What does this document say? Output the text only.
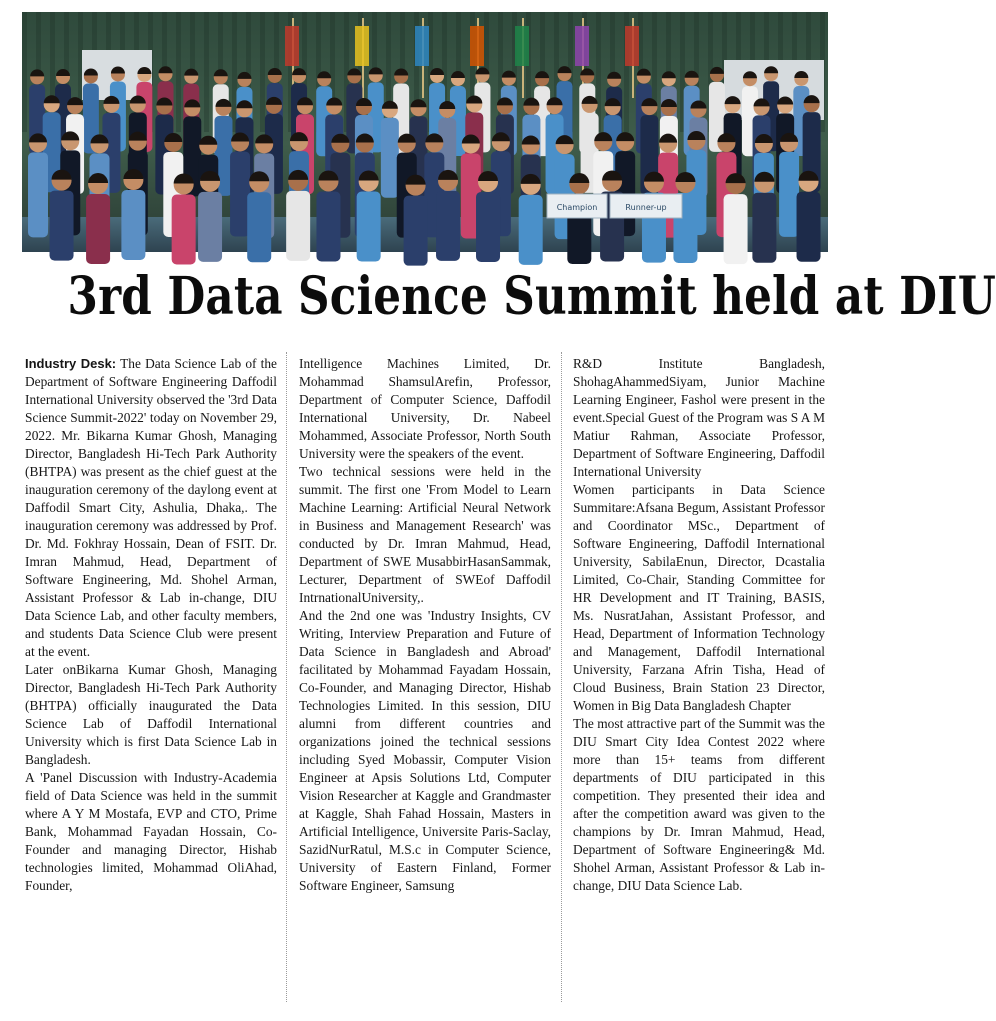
Champion	Runner-up
3rd Data Science Summit held at DIU

Industry Desk: The Data Science Lab of the Department of Software Engineering Daffodil International University observed the '3rd Data Science Summit-2022' today on November 29, 2022. Mr. Bikarna Kumar Ghosh, Managing Director, Bangladesh Hi-Tech Park Authority (BHTPA) was present as the chief guest at the inauguration ceremony of the daylong event at Daffodil Smart City, Ashulia, Dhaka,. The inauguration ceremony was addressed by Prof. Dr. Md. Fokhray Hossain, Dean of FSIT. Dr. Imran Mahmud, Head, Department of Software Engineering, Md. Shohel Arman, Assistant Professor & Lab in-change, DIU Data Science Lab, and other faculty members, and students Data Science Club were present at the event.

Later onBikarna Kumar Ghosh, Managing Director, Bangladesh Hi-Tech Park Authority (BHTPA) officially inaugurated the Data Science Lab of Daffodil International University which is first Data Science Lab in Bangladesh.

A 'Panel Discussion with Industry-Academia field of Data Science was held in the summit where A Y M Mostafa, EVP and CTO, Prime Bank, Mohammad Fayadan Hossain, Co-Founder and managing Director, Hishab technologies limited, Mohammad OliAhad, Founder,

Intelligence Machines Limited, Dr. Mohammad ShamsulArefin, Professor, Department of Computer Science, Daffodil International University, Dr. Nabeel Mohammed, Associate Professor, North South University were the speakers of the event.

Two technical sessions were held in the summit. The first one 'From Model to Learn Machine Learning: Artificial Neural Network in Business and Management Research' was conducted by Dr. Imran Mahmud, Head, Department of SWE MusabbirHasanSammak, Lecturer, Department of SWEof Daffodil IntrnationalUniversity,.

And the 2nd one was 'Industry Insights, CV Writing, Interview Preparation and Future of Data Science in Bangladesh and Abroad' facilitated by Mohammad Fayadam Hossain, Co-Founder, and Managing Director, Hishab Technologies Limited. In this session, DIU alumni from different countries and organizations joined the technical sessions including Syed Mobassir, Computer Vision Engineer at Apsis Solutions Ltd, Computer Vision Researcher at Kaggle and Grandmaster at Kaggle, Shah Fahad Hossain, Masters in Artificial Intelligence, Universite Paris-Saclay, SazidNurRatul, M.S.c in Computer Science, University of Eastern Finland, Former Software Engineer, Samsung

R&D Institute Bangladesh, ShohagAhammedSiyam, Junior Machine Learning Engineer, Fashol were present in the event.Special Guest of the Program was S A M Matiur Rahman, Associate Professor, Department of Software Engineering, Daffodil International University

Women participants in Data Science Summitare:Afsana Begum, Assistant Professor and Coordinator MSc., Department of Software Engineering, Daffodil International University, SabilaEnun, Director, Dcastalia Limited, Co-Chair, Standing Committee for HR Development and IT Training, BASIS, Ms. NusratJahan, Assistant Professor, and Head, Department of Information Technology and Management, Daffodil International University, Farzana Afrin Tisha, Head of Cloud Business, Brain Station 23 Director, Women in Big Data Bangladesh Chapter

The most attractive part of the Summit was the DIU Smart City Idea Contest 2022 where more than 15+ teams from different departments of DIU participated in this competition. They presented their idea and after the competition award was given to the champions by Dr. Imran Mahmud, Head, Department of Software Engineering& Md. Shohel Arman, Assistant Professor & Lab in-change, DIU Data Science Lab.
